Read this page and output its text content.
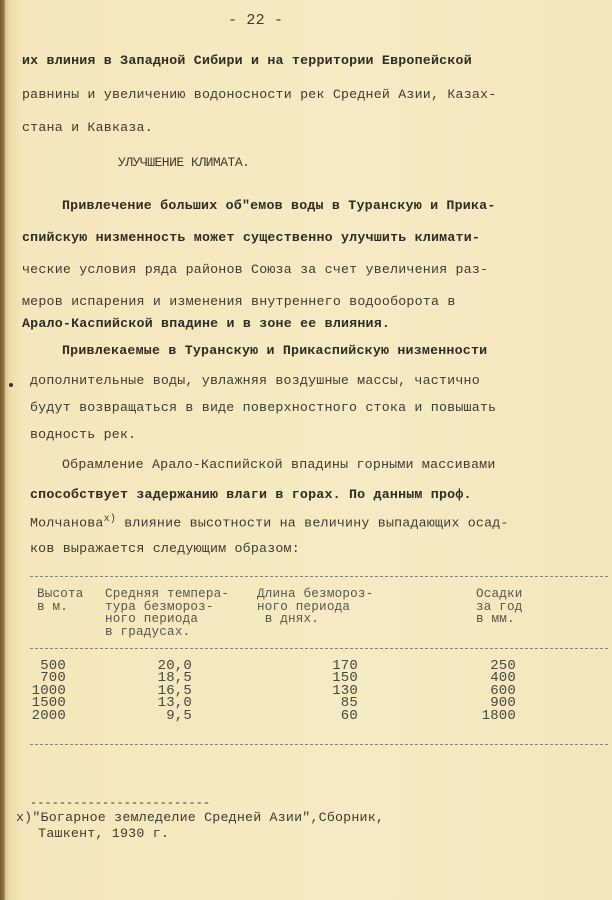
- 22 -
их влиния в Западной Сибири и на территории Европейской
равнины и увеличению водоносности рек Средней Азии, Казах-
стана и Кавказа.
УЛУЧШЕНИЕ КЛИМАТА.
Привлечение больших об"емов воды в Туранскую и Прика-
спийскую низменность может существенно улучшить климати-
ческие условия ряда районов Союза за счет увеличения раз-
меров испарения и изменения внутреннего водооборота в
Арало-Каспийской впадине и в зоне ее влияния.
Привлекаемые в Туранскую и Прикаспийскую низменности
дополнительные воды, увлажняя воздушные массы, частично
будут возвращаться в виде поверхностного стока и повышать
водность рек.
Обрамление Арало-Каспийской впадины горными массивами
способствует задержанию влаги в горах. По данным проф.
Молчанова$^{x)}$ влияние высотности на величину выпадающих осад-
ков выражается следующим образом:
Высота
в м.
Средняя темпера-
тура безмороз-
ного периода
в градусах.
Длина безмороз-
ного периода
в днях.
Осадки
за год
в мм.
500
700
1000
1500
2000
20,0
18,5
16,5
13,0
9,5
170
150
130
85
60
250
400
600
900
1800
-------------------------
x)"Богарное земледелие Средней Азии",Сборник,
Ташкент, 1930 г.
